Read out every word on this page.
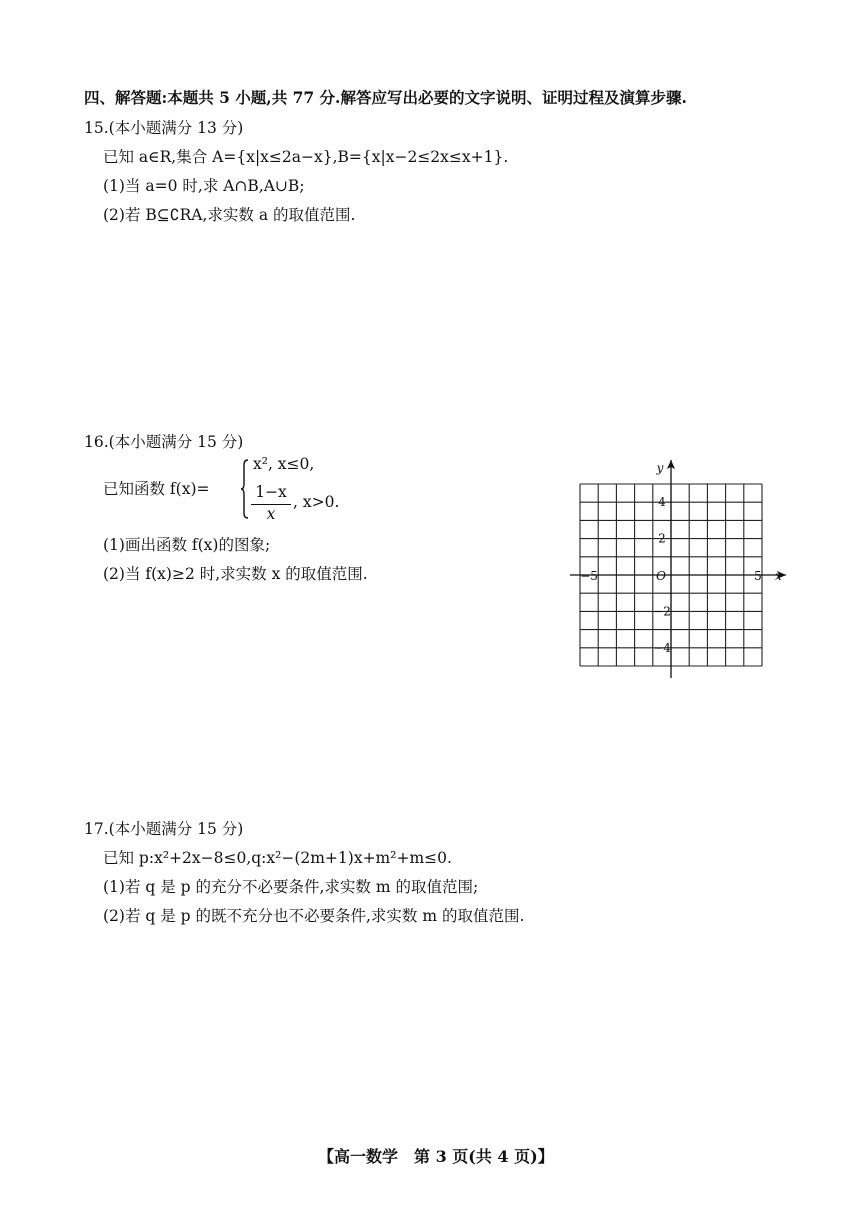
四、解答题:本题共 5 小题,共 77 分.解答应写出必要的文字说明、证明过程及演算步骤.
15.(本小题满分 13 分)
已知 a∈R,集合 A={x|x≤2a−x},B={x|x−2≤2x≤x+1}.
(1)当 a=0 时,求 A∩B,A∪B;
(2)若 B⊆∁RA,求实数 a 的取值范围.
16.(本小题满分 15 分)
已知函数 f(x)=
x², x≤0,
1−x
x
, x>0.
(1)画出函数 f(x)的图象;
(2)当 f(x)≥2 时,求实数 x 的取值范围.	−5	5
4
2
−2
−4
O	x
y
17.(本小题满分 15 分)
已知 p:x²+2x−8≤0,q:x²−(2m+1)x+m²+m≤0.
(1)若 q 是 p 的充分不必要条件,求实数 m 的取值范围;
(2)若 q 是 p 的既不充分也不必要条件,求实数 m 的取值范围.
【高一数学　第 3 页(共 4 页)】
